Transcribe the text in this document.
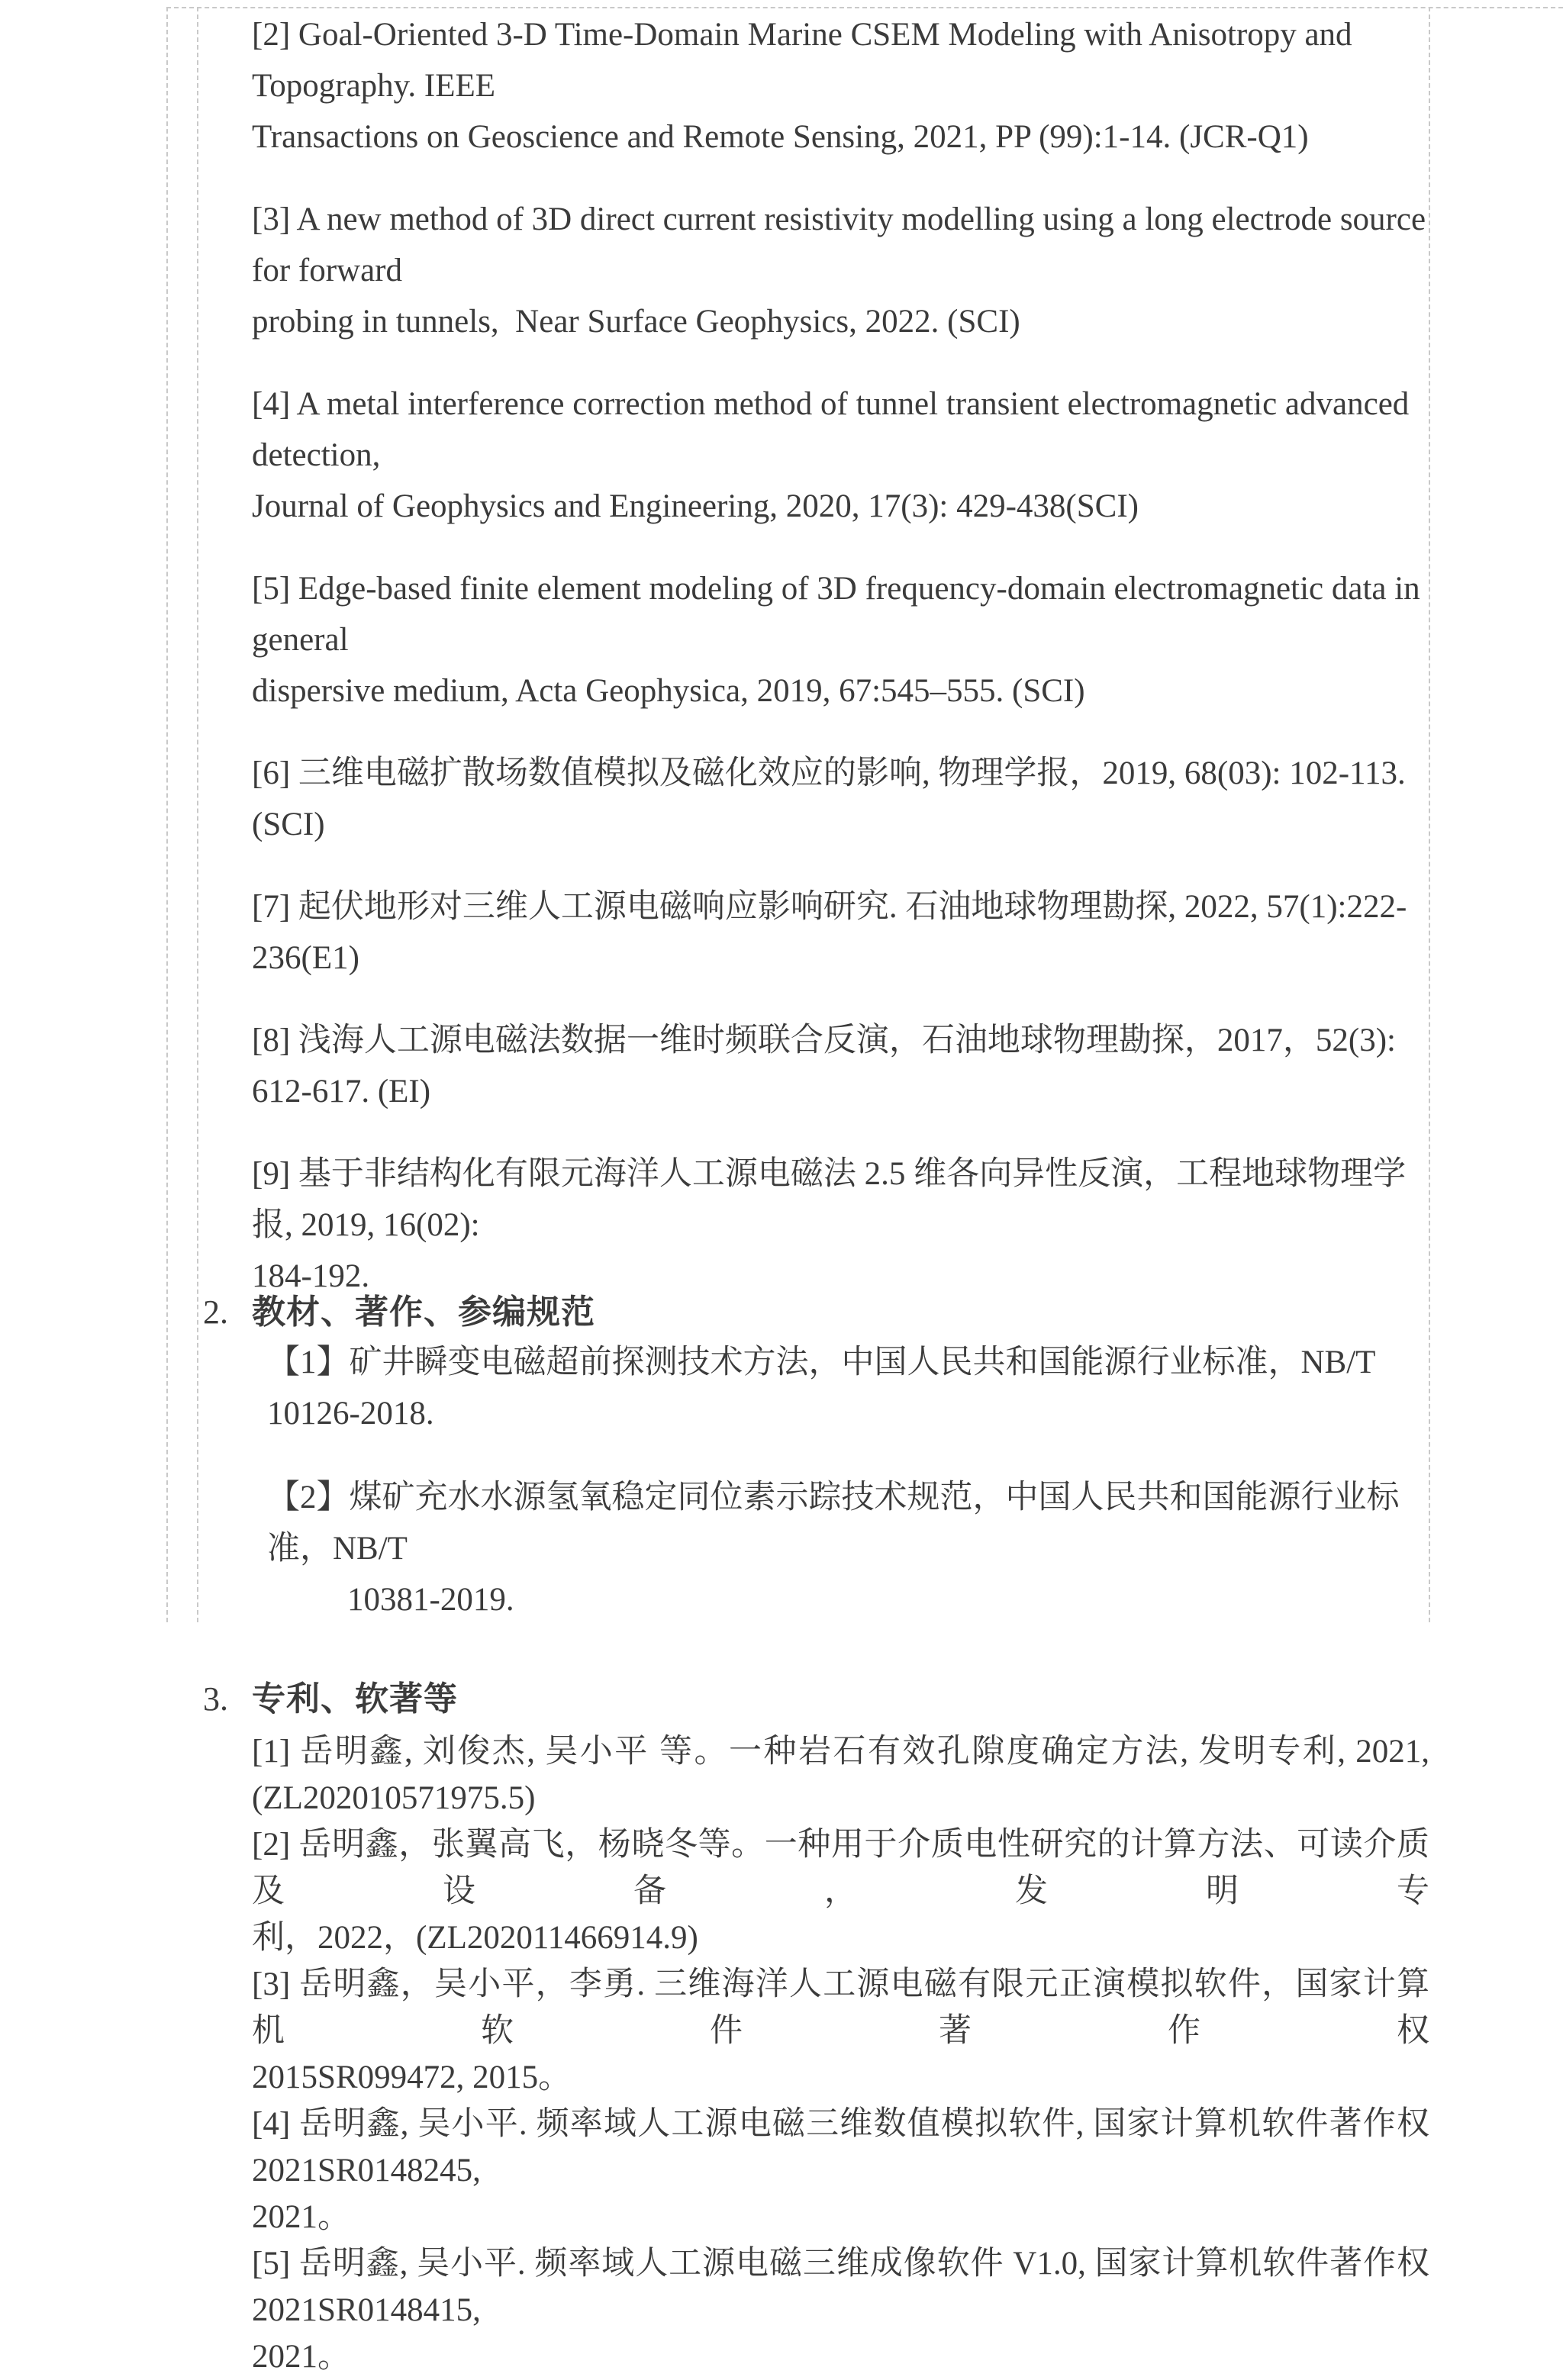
[2] Goal-Oriented 3-D Time-Domain Marine CSEM Modeling with Anisotropy and Topography. IEEE
Transactions on Geoscience and Remote Sensing, 2021, PP (99):1-14. (JCR-Q1)
[3] A new method of 3D direct current resistivity modelling using a long electrode source for forward
probing in tunnels,  Near Surface Geophysics, 2022. (SCI)
[4] A metal interference correction method of tunnel transient electromagnetic advanced detection,
Journal of Geophysics and Engineering, 2020, 17(3): 429-438(SCI)
[5] Edge-based finite element modeling of 3D frequency-domain electromagnetic data in general
dispersive medium, Acta Geophysica, 2019, 67:545–555. (SCI)
[6] 三维电磁扩散场数值模拟及磁化效应的影响, 物理学报，2019, 68(03): 102-113. (SCI)
[7] 起伏地形对三维人工源电磁响应影响研究. 石油地球物理勘探, 2022, 57(1):222-236(E1)
[8] 浅海人工源电磁法数据一维时频联合反演，石油地球物理勘探，2017，52(3): 612-617. (EI)
[9] 基于非结构化有限元海洋人工源电磁法 2.5 维各向异性反演，工程地球物理学报, 2019, 16(02):
184-192.
2. 教材、著作、参编规范
【1】矿井瞬变电磁超前探测技术方法，中国人民共和国能源行业标准，NB/T 10126-2018.
【2】煤矿充水水源氢氧稳定同位素示踪技术规范，中国人民共和国能源行业标准，NB/T
10381-2019.
3. 专利、软著等
[1] 岳明鑫, 刘俊杰, 吴小平 等。一种岩石有效孔隙度确定方法, 发明专利, 2021, (ZL202010571975.5)
[2] 岳明鑫，张翼高飞，杨晓冬等。一种用于介质电性研究的计算方法、可读介质及设备，发明专
利，2022，(ZL202011466914.9)
[3] 岳明鑫，吴小平，李勇. 三维海洋人工源电磁有限元正演模拟软件，国家计算机软件著作权
2015SR099472, 2015。
[4] 岳明鑫, 吴小平. 频率域人工源电磁三维数值模拟软件, 国家计算机软件著作权 2021SR0148245,
2021。
[5] 岳明鑫, 吴小平. 频率域人工源电磁三维成像软件 V1.0, 国家计算机软件著作权 2021SR0148415,
2021。
